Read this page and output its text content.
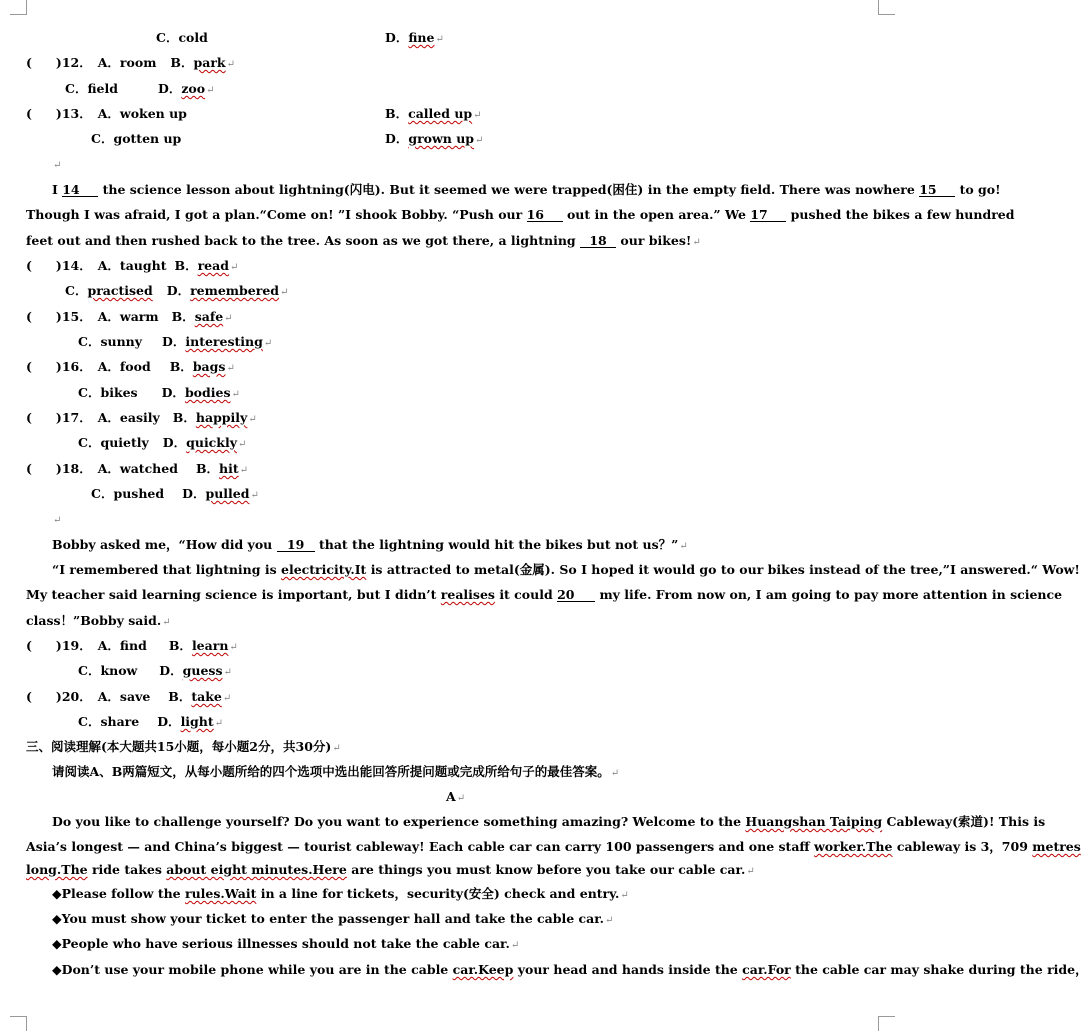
C．cold	D．fine↵
( )12． A．room B．park↵
C．field	D．zoo↵
( )13． A．woken up	B．called up↵
C．gotten up	D．grown up↵
↵
I 14 the science lesson about lightning(闪电). But it seemed we were trapped(困住) in the empty field. There was nowhere 15 to go!
Though I was afraid, I got a plan.“Come on! ”I shook Bobby. “Push our 16 out in the open area.” We 17 pushed the bikes a few hundred
feet out and then rushed back to the tree. As soon as we got there, a lightning 18 our bikes!↵
( )14． A．taught B．read↵
C．practised D．remembered↵
( )15． A．warm B．safe↵
C．sunny D．interesting↵
( )16． A．food B．bags↵
C．bikes D．bodies↵
( )17． A．easily B．happily↵
C．quietly D．quickly↵
( )18． A．watched B．hit↵
C．pushed D．pulled↵
↵
Bobby asked me，“How did you 19 that the lightning would hit the bikes but not us？”↵
“I remembered that lightning is electricity.It is attracted to metal(金属). So I hoped it would go to our bikes instead of the tree,”I answered.“ Wow!
My teacher said learning science is important, but I didn’t realises it could 20 my life. From now on, I am going to pay more attention in science
class！”Bobby said.↵
( )19． A．find B．learn↵
C．know D．guess↵
( )20． A．save B．take↵
C．share D．light↵
三、阅读理解(本大题共15小题，每小题2分，共30分)↵
请阅读A、B两篇短文，从每小题所给的四个选项中选出能回答所提问题或完成所给句子的最佳答案。↵
A↵
Do you like to challenge yourself? Do you want to experience something amazing? Welcome to the Huangshan Taiping Cableway(索道)! This is
Asia’s longest — and China’s biggest — tourist cableway! Each cable car can carry 100 passengers and one staff worker.The cableway is 3，709 metres
long.The ride takes about eight minutes.Here are things you must know before you take our cable car.↵
◆Please follow the rules.Wait in a line for tickets，security(安全) check and entry.↵
◆You must show your ticket to enter the passenger hall and take the cable car.↵
◆People who have serious illnesses should not take the cable car.↵
◆Don’t use your mobile phone while you are in the cable car.Keep your head and hands inside the car.For the cable car may shake during the ride，
